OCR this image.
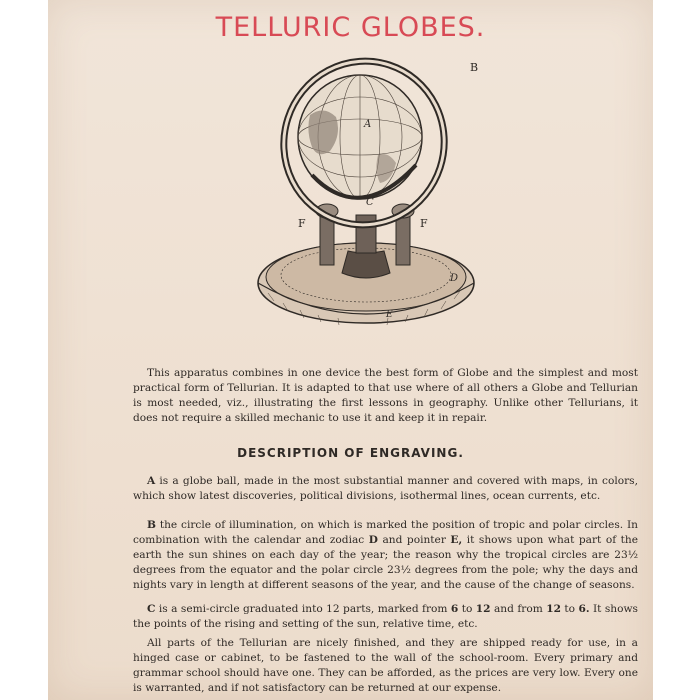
TELLURIC GLOBES.
B
A
C
F	F
D
E

This apparatus combines in one device the best form of Globe and the simplest and most practical form of Tellurian. It is adapted to that use where of all others a Globe and Tellurian is most needed, viz., illustrating the first lessons in geography. Unlike other Tellurians, it does not require a skilled mechanic to use it and keep it in repair.

DESCRIPTION OF ENGRAVING.

A is a globe ball, made in the most substantial manner and covered with maps, in colors, which show latest discoveries, political divisions, isothermal lines, ocean currents, etc.

B the circle of illumination, on which is marked the position of tropic and polar circles. In combination with the calendar and zodiac D and pointer E, it shows upon what part of the earth the sun shines on each day of the year; the reason why the tropical circles are 23½ degrees from the equator and the polar circle 23½ degrees from the pole; why the days and nights vary in length at different seasons of the year, and the cause of the change of seasons.

C is a semi-circle graduated into 12 parts, marked from 6 to 12 and from 12 to 6. It shows the points of the rising and setting of the sun, relative time, etc.

All parts of the Tellurian are nicely finished, and they are shipped ready for use, in a hinged case or cabinet, to be fastened to the wall of the school-room. Every primary and grammar school should have one. They can be afforded, as the prices are very low. Every one is warranted, and if not satisfactory can be returned at our expense.
